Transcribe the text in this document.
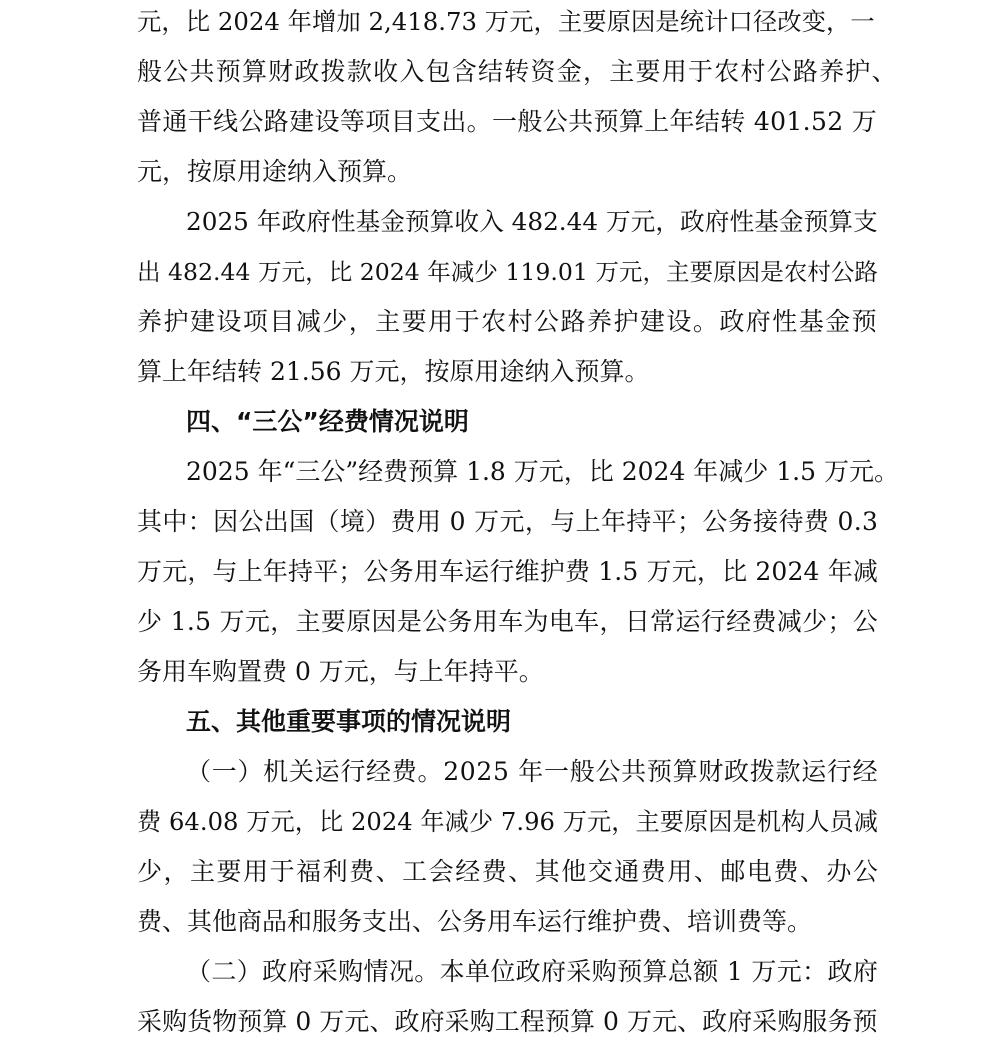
元 ， 比
2 0 2 4
年 增 加
2 , 4 1 8 . 7 3
万 元 ， 主 要 原 因 是 统 计 口 径 改 变 ， 一
般 公 共 预 算 财 政 拨 款 收 入 包 含 结 转 资 金 ， 主 要 用 于 农 村 公 路 养 护 、
普 通 干 线 公 路 建 设 等 项 目 支 出 。 一 般 公 共 预 算 上 年 结 转
4 0 1 . 5 2
万
元，按原用途纳入预算。
2 0 2 5
年 政 府 性 基 金 预 算 收 入
4 8 2 . 4 4
万 元 ， 政 府 性 基 金 预 算 支
出
4 8 2 . 4 4
万 元 ， 比
2 0 2 4
年 减 少
1 1 9 . 0 1
万 元 ， 主 要 原 因 是 农 村 公 路
养 护 建 设 项 目 减 少 ， 主 要 用 于 农 村 公 路 养 护 建 设 。 政 府 性 基 金 预
算上年结转 21.56 万元，按原用途纳入预算。
四、“三公”经费情况说明
2025 年“三公”经费预算 1.8 万元，比 2024 年减少 1.5 万元。
其 中 ： 因 公 出 国 （ 境 ） 费 用
0
万 元 ， 与 上 年 持 平 ； 公 务 接 待 费
0 . 3
万 元 ， 与 上 年 持 平 ； 公 务 用 车 运 行 维 护 费
1 . 5
万 元 ， 比
2 0 2 4
年 减
少
1 . 5
万 元 ， 主 要 原 因 是 公 务 用 车 为 电 车 ， 日 常 运 行 经 费 减 少 ； 公
务用车购置费 0 万元，与上年持平。
五、其他重要事项的情况说明
（ 一 ） 机 关 运 行 经 费 。 2 0 2 5
年 一 般 公 共 预 算 财 政 拨 款 运 行 经
费
6 4 . 0 8
万 元 ， 比
2 0 2 4
年 减 少
7 . 9 6
万 元 ， 主 要 原 因 是 机 构 人 员 减
少 ， 主 要 用 于 福 利 费 、 工 会 经 费 、 其 他 交 通 费 用 、 邮 电 费 、 办 公
费、其他商品和服务支出、公务用车运行维护费、培训费等。
（ 二 ） 政 府 采 购 情 况 。 本 单 位 政 府 采 购 预 算 总 额
1
万 元 ： 政 府
采 购 货 物 预 算
0
万 元 、 政 府 采 购 工 程 预 算
0
万 元 、 政 府 采 购 服 务 预
